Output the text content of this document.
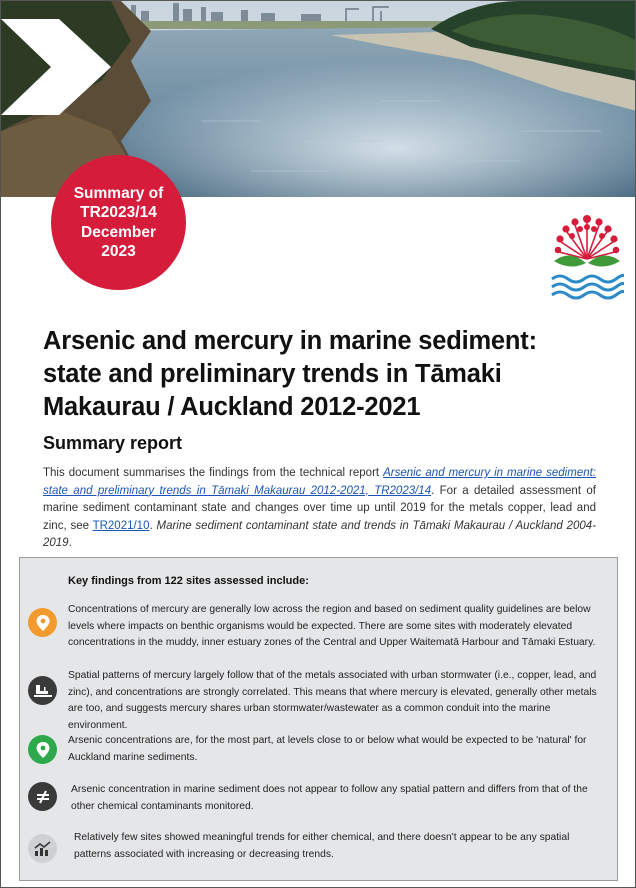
Summary of
TR2023/14
December
2023
Arsenic and mercury in marine sediment:
state and preliminary trends in Tāmaki
Makaurau / Auckland 2012-2021
Summary report

This document summarises the findings from the technical report Arsenic and mercury in marine sediment: state and preliminary trends in Tāmaki Makaurau 2012-2021, TR2023/14. For a detailed assessment of marine sediment contaminant state and changes over time up until 2019 for the metals copper, lead and zinc, see TR2021/10. Marine sediment contaminant state and trends in Tāmaki Makaurau / Auckland 2004-2019.

Key findings from 122 sites assessed include:
Concentrations of mercury are generally low across the region and based on sediment quality guidelines are below levels where impacts on benthic organisms would be expected. There are some sites with moderately elevated concentrations in the muddy, inner estuary zones of the Central and Upper Waitematā Harbour and Tāmaki Estuary.
Spatial patterns of mercury largely follow that of the metals associated with urban stormwater (i.e., copper, lead, and zinc), and concentrations are strongly correlated. This means that where mercury is elevated, generally other metals are too, and suggests mercury shares urban stormwater/wastewater as a common conduit into the marine environment.
Arsenic concentrations are, for the most part, at levels close to or below what would be expected to be 'natural' for Auckland marine sediments.
Arsenic concentration in marine sediment does not appear to follow any spatial pattern and differs from that of the other chemical contaminants monitored.
Relatively few sites showed meaningful trends for either chemical, and there doesn't appear to be any spatial patterns associated with increasing or decreasing trends.
